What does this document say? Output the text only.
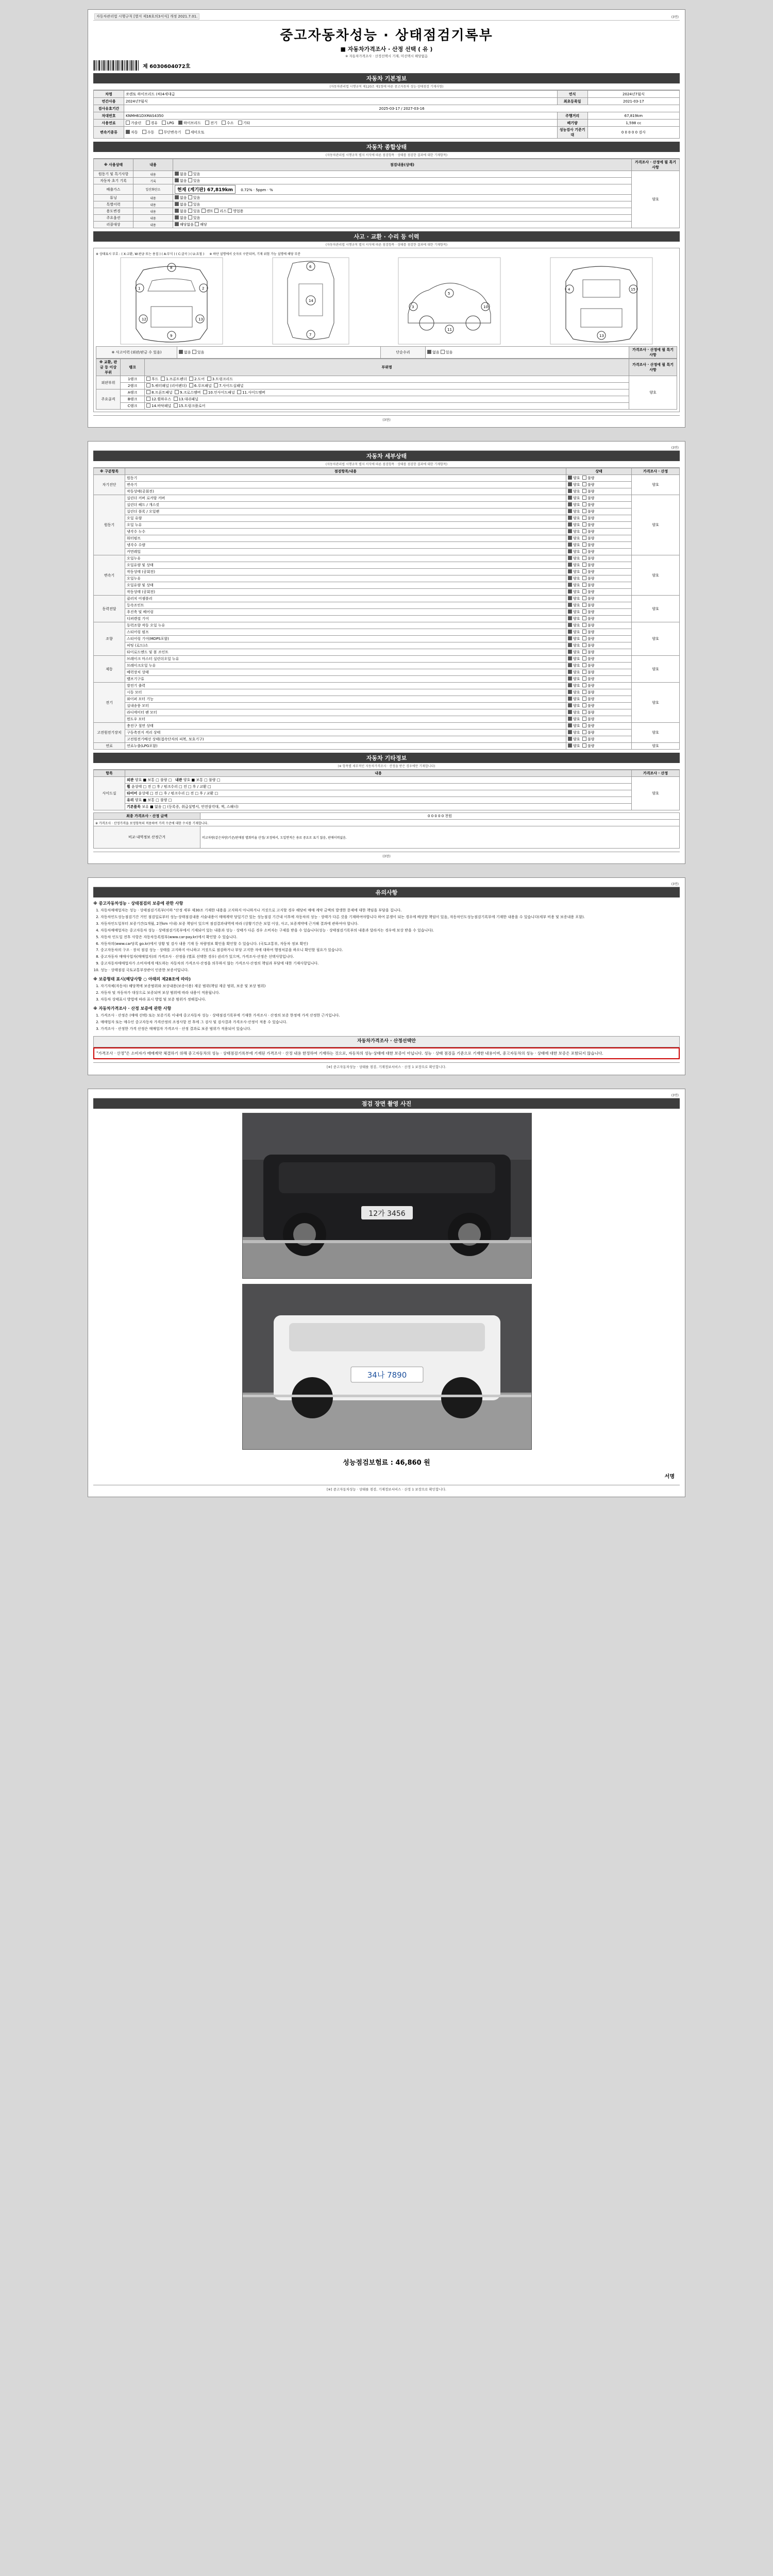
자동차관리법 시행규칙 [별지 제16호의3서식] 개정 2021.7.01.	(3면)
중고자동차성능 · 상태점검기록부
■ 자동차가격조사 · 산정 선택 ( 유 )
※ 자동차가격조사 · 산정선택시 기재, 미선택시 해당없음
제 6030604072호
자동차 기본정보
(자동차관리법 시행규칙 제120조 제1항에 따른 중고자동차 성능·상태점검 기재사항)
차명	쏘렌토 하이브리드 (싸)4세대급	연식	2024년7월식
연간사용	2024년7월식	최초등록일	2021-03-17
검사유효기간	2025-03-17 / 2027-03-16		
차대번호	KNMH61DXMAS4350	주행거리	67,819km
사용연료	가솔린 경유 LPG 하이브리드 전기 수소 기타	배기량	1,598 cc
변속기종류	자동 수동 무단변속기 세미오토	성능검사 기준기대	0 0 0 0 0 검사
자동차 종합상태
(자동차관리법 시행규칙 별지 서식에 따른 점검항목 · 상태를 점검한 결과에 대한 기재항목)
※ 사용상태	내용	점검내용(상태)	가격조사 · 산정에 필 특기사항
원동기 및 특기사항	내용	없음 있음	양호
자동차 초기 기록	기록	없음 있음	
배출가스	일산화탄소	현재 (계기판) 67,819km 0.72% · 5ppm · %	
튜닝	내용	없음 있음	
특별이력	내용	없음 있음	
용도변경	내용	없음 있음 렌트 리스 영업용	
주요옵션	내용	없음 있음	
리콜대상	내용	해당없음 해당	
사고 · 교환 · 수리 등 이력
(자동차관리법 시행규칙 별지 서식에 따른 점검항목 · 상태를 점검한 결과에 대한 기재항목)
※ 상태표시 부호 : ( X:교환, W:판금 또는 용접 ) ( A:부식 ) ( C:굴곡 ) ( U:요철 ) ※ 하단 설명에서 숫자로 구분되며, 기재 위험 가능 설명에 해당 부분
1	2
8
9
12	13
14
6
7
3
5
10
11
4	15
13
※ 사고이력 (외판/판금 수 있음)	없음 있음	단순수리	없음 있음	가격조사 · 산정에 필 특기사항
※ 교환, 판금 등 이상 부위	랭크	부위명	가격조사 · 산정에 필 특기사항
외판부위	1랭크	후드  1.프론트펜더  2.도어  3.트렁크리드	양호
	2랭크	5.쿼터패널 (리어펜더)  6.루프패널  7.사이드실패널	
주요골격	A랭크	8.프론트패널  9.크로스멤버  10.인사이드패널  11.사이드멤버	
	B랭크	12.휠하우스  13.대쉬패널	
	C랭크	14.바닥패널  15.트렁크플로어	
(3면)
(3면)
자동차 세부상태
(자동차관리법 시행규칙 별지 서식에 따른 점검항목 · 상태를 점검한 결과에 대한 기재항목)
※ 구분항목	점검항목/내용	상태	가격조사 · 산정
자기진단	원동기	양호  불량	양호
	변속기	양호  불량	
	작동상태(공회전)	양호  불량	
원동기	실린더 커버 로커암 커버	양호  불량	양호
	실린더 헤드 / 개스킷	양호  불량	
	실린더 블록 / 오일팬	양호  불량	
	오일 유량	양호  불량	
	오일 누유	양호  불량	
	냉각수 누수	양호  불량	
	워터펌프	양호  불량	
	냉각수 수량	양호  불량	
	커먼레일	양호  불량	
변속기	오일누유	양호  불량	양호
	오일유량 및 상태	양호  불량	
	작동상태 (공회전)	양호  불량	
	오일누유	양호  불량	
	오일유량 및 상태	양호  불량	
	작동상태 (공회전)	양호  불량	
동력전달	클러치 어셈블리	양호  불량	양호
	등속조인트	양호  불량	
	추진축 및 베어링	양호  불량	
	디퍼렌셜 기어	양호  불량	
조향	동력조향 작동 오일 누유	양호  불량	양호
	스티어링 펌프	양호  불량	
	스티어링 기어(MDPS포함)	양호  불량	
	피팅 (로드)소	양호  불량	
	타이로드엔드 및 볼 조인트	양호  불량	
제동	브레이크 마스터 실린더오일 누유	양호  불량	양호
	브레이크오일 누유	양호  불량	
	베력장치 상태	양호  불량	
	밸브기구류	양호  불량	
전기	발전기 출력	양호  불량	양호
	시동 모터	양호  불량	
	와이퍼 모터 기능	양호  불량	
	실내송풍 모터	양호  불량	
	라디에이터 팬 모터	양호  불량	
	윈도우 모터	양호  불량	
고전원전기장치	충전구 절연 상태	양호  불량	양호
	구동축전지 격리 상태	양호  불량	
	고전원전기배선 상태(접속단자의 피복, 보호기구)	양호  불량	
연료	연료누출(LPG포함)	양호  불량	양호
자동차 기타정보
(※ 항목별 세부적인 자동차가격조사 · 산정을 받은 경우에만 기재합니다)
항목	내용	가격조사 · 산정
사이드실	외관 양호 ■ 보통 □ 불량 □ 내관 양호 ■ 보통 □ 불량 □	양호
	휠 윤상태 □ 전 □ 후 / 펑크수리 □ 전 □ 후 / 교환 □	
	타이어 윤상태 □ 전 □ 후 / 펑크수리 □ 전 □ 후 / 교환 □	
	유리 양호 ■ 보통 □ 불량 □	
	기본품목 보유 ■ 없음 □ (등록증, 취급설명서, 안전삼각대, 잭, 스패너)	
최종 가격조사 · 산정 금액	0 0 0 0 0 천원
※ 가격조사 · 산정가격을 보정항목의 적용하여 가격 수준에 대한 수치를 기재합니다.	
비교·내역정보 산정근거	비교차량(같은차량)기준/판매점 별회비율 산정/ 보정에서, 도입면적은 용료 중요로 표기 않음, 판매이력없음.
(3면)
(3면)
유의사항
※ 중고자동차성능 · 상태점검의 보증에 관한 사항
1. 자동차매매업자는 성능 · 상태점검기록부(이하 "산정 세부 제30조 기재한 내용을 고지하지 아니하거나 거짓으로 고지할 경우 해당히 매매 계약 금액의 발생한 문제에 대한 책임을 부담을 집니다.
2. 자동차인도성능점검기간 거인 점검일로부터 성능·상태점검내용 서술내용이 매매계약 당일기간 있는 성능점검 기간내 이후에 자동차의 성능 · 상태가 다른 것을 기재하여야합니다 하여 분쟁이 되는 경우에 배상할 책임이 있음, 자동차인도성능점검기록부에 기재한 내용을 수 있습니다(세부 비용 및 보증내용 포함).
3. 자동차인도일부터 보증기간(1개월, 2천km 이내) 보증 책임이 있으며 점검결과내역에 따라 (상황기간은 보험 이상, 사고, 보증계약에 근거해 결과에 관하여야 합니다.
4. 자동차매매업자는 중고자동차 성능 · 상태점검기록부에서 기재되어 있는 내용과 성능 · 상태가 다른 경우 소비자는 구제를 받을 수 있습니다(성능 · 상태점검기록부의 내용과 달라지는 경우에 보상 받을 수 있습니다).
5. 자동차 인도일 전후 사항은 자동차등록원부(www.car-pay.kr)에서 확인할 수 있습니다.
6. 자동차의(www.car당록 go.kr)에서 상황 및 검사 내용 기재 등 차량정보 확인을 확인할 수 있습니다. (국토교통부, 자동차 정보 확인)
7. 중고자동차의 구조 · 장치 점검 성능 · 상태를 고지하지 아니하고 거짓으로 점검하거나 부당 고지한 자에 대하여 행정처분을 하오니 확인할 필요가 있습니다.
8. 중고자동차 매매사업자(매매업자)의 가격조사 · 산정을 (별표 선택한 경우) 권리가 있으며, 가격조사·산정은 선택사항입니다.
9. 중고자동차매매업자가 소비자에게 매도하는 자동차의 가격조사·산정을 의무하지 않는 가격조사·산정의 책임과 부담에 대한 기재사항입니다.
10. 성능 · 상태점검 국토교통부장관이 인증한 보증서입니다.
※ 보증형태 표시(해당사항 ○ 아래의 제28조에 따라)
1. 자기자체(자동차) 해당책에 보증범위와 보상내용(보증이용) 제공 범위(책임 제공 범위, 보증 및 보상 범위)
2. 자동차 및 자동차가 대상으로 보증되며 보상 범위에 따라 내용이 적용됩니다.
3. 자동차 상태표시 방법에 따라 표시 방법 및 보증 범위가 정해집니다.
※ 자동차가격조사 · 산정 보증에 관한 사항
1. 가격조사 · 산정은 (매매 선택) 또는 보증기록 이내에 중고자동차 성능 · 상태점검기록부에 기재한 가격조사 · 산정의 보증 한정에 가격 산정한 근거입니다.
2. 매매업자 또는 매수인 중고자동차 가격산정의 조정사항 전 후에 그 검사 및 검사결과 가격조사·산정이 적용 수 있습니다.
3. 가격조사 · 산정한 가격 산정은 매매업자 가격조사 · 산정 결과로 보증 범위가 적용되어 있습니다.
자동차가격조사 · 산정선택안
"가격조사 · 산정"은 소비자가 매매계약 체결하기 위해 중고자동차의 성능 · 상태점검기록부에 기재된 가격조사 · 산정 내용 한정하여 기재하는 것으로, 자동차의 성능·상태에 대한 보증이 아닙니다. 성능 · 상태 점검을 기준으로 기재한 내용이며, 중고자동차의 성능 · 상태에 대한 보증은 포함되지 않습니다.
[※] 중고자동차성능 · 상태를 점검, 기재정보서비스 · 산정 1 보장으로 확인합니다.
(3면)
점검 장면 촬영 사진
12가 3456
34나 7890
성능점검보험료 : 46,860 원
서명
[※] 중고자동차성능 · 상태를 점검, 기재정보서비스 · 산정 1 보장으로 확인합니다.
